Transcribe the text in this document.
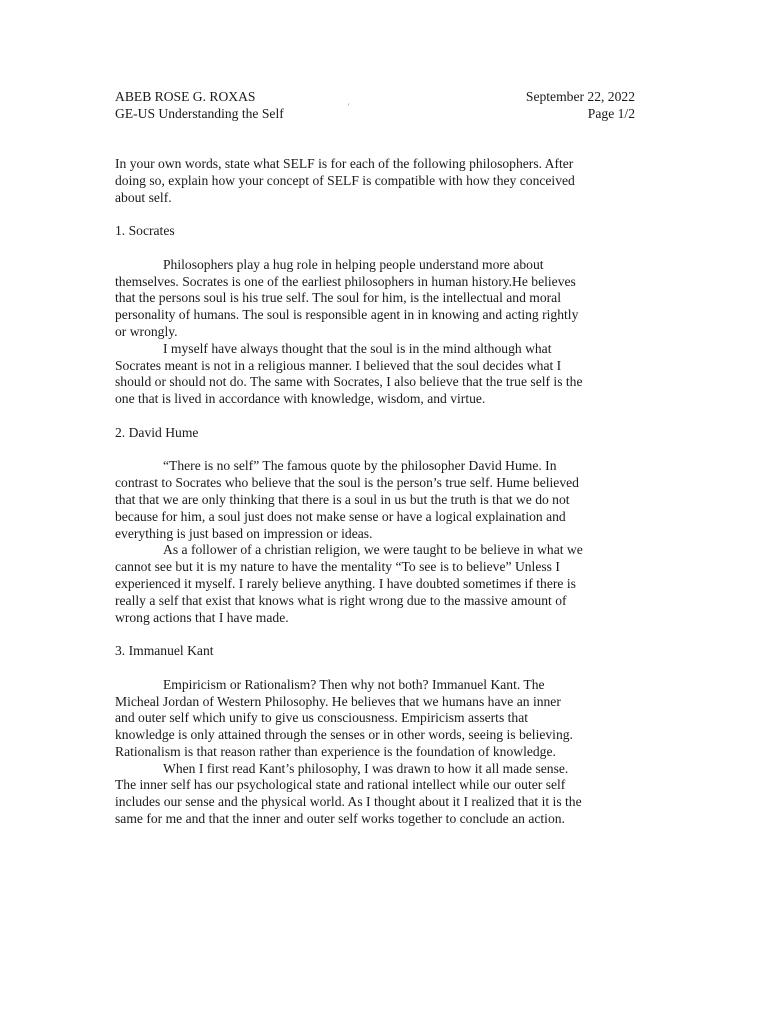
ABEB ROSE G. ROXAS	September 22, 2022
GE-US Understanding the Self	Page 1/2
'

In your own words, state what SELF is for each of the following philosophers. After
doing so, explain how your concept of SELF is compatible with how they conceived
about self.

1. Socrates

Philosophers play a hug role in helping people understand more about
themselves. Socrates is one of the earliest philosophers in human history.He believes
that the persons soul is his true self. The soul for him, is the intellectual and moral
personality of humans. The soul is responsible agent in in knowing and acting rightly
or wrongly.

I myself have always thought that the soul is in the mind although what
Socrates meant is not in a religious manner. I believed that the soul decides what I
should or should not do. The same with Socrates, I also believe that the true self is the
one that is lived in accordance with knowledge, wisdom, and virtue.

2. David Hume

“There is no self” The famous quote by the philosopher David Hume. In
contrast to Socrates who believe that the soul is the person’s true self. Hume believed
that that we are only thinking that there is a soul in us but the truth is that we do not
because for him, a soul just does not make sense or have a logical explaination and
everything is just based on impression or ideas.

As a follower of a christian religion, we were taught to be believe in what we
cannot see but it is my nature to have the mentality “To see is to believe” Unless I
experienced it myself. I rarely believe anything. I have doubted sometimes if there is
really a self that exist that knows what is right wrong due to the massive amount of
wrong actions that I have made.

3. Immanuel Kant

Empiricism or Rationalism? Then why not both? Immanuel Kant. The
Micheal Jordan of Western Philosophy. He believes that we humans have an inner
and outer self which unify to give us consciousness. Empiricism asserts that
knowledge is only attained through the senses or in other words, seeing is believing.
Rationalism is that reason rather than experience is the foundation of knowledge.

When I first read Kant’s philosophy, I was drawn to how it all made sense.
The inner self has our psychological state and rational intellect while our outer self
includes our sense and the physical world. As I thought about it I realized that it is the
same for me and that the inner and outer self works together to conclude an action.
